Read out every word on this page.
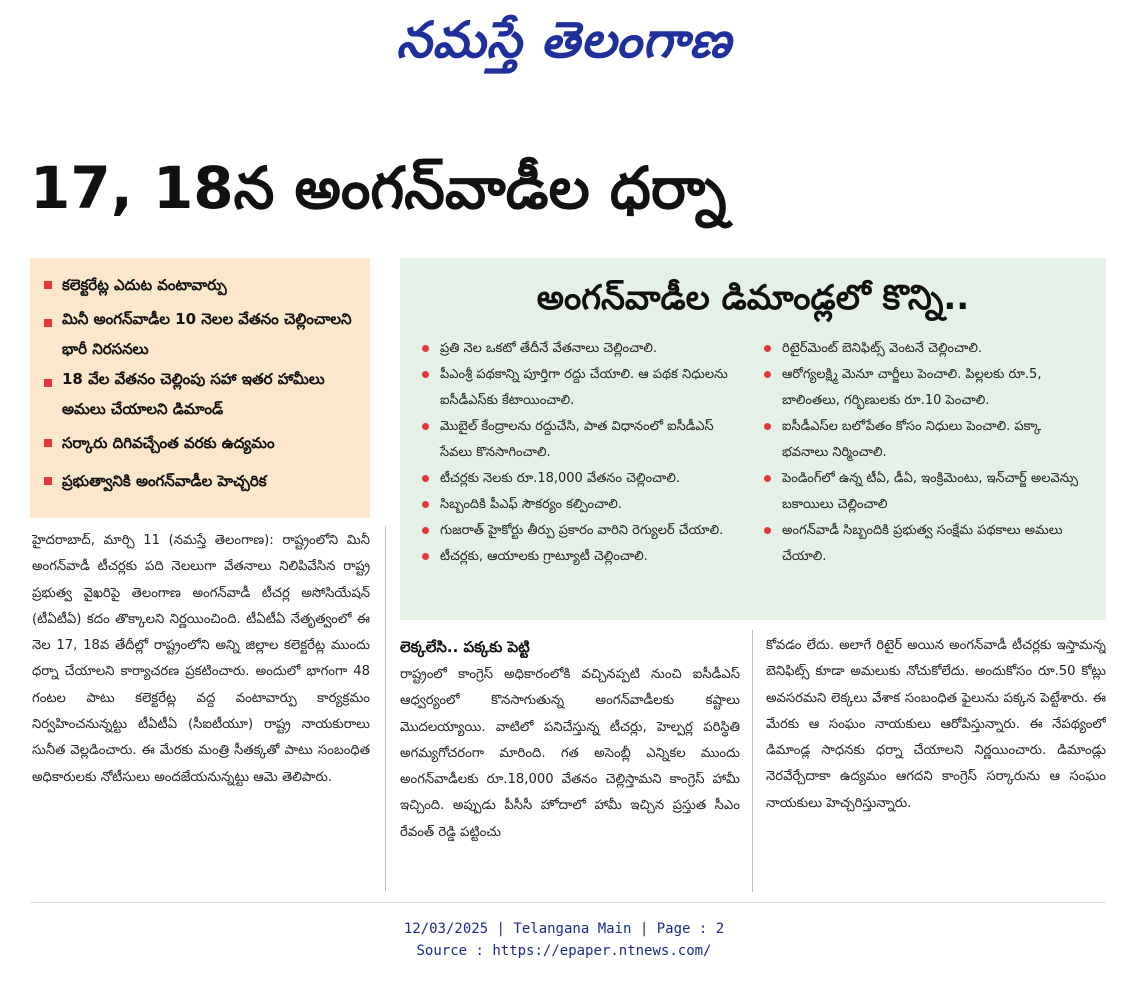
నమస్తే తెలంగాణ
17, 18న అంగన్‌వాడీల ధర్నా
కలెక్టరేట్ల ఎదుట వంటావార్పు
మినీ అంగన్‌వాడీల 10 నెలల వేతనం చెల్లించాలని భారీ నిరసనలు
18 వేల వేతనం చెల్లింపు సహా ఇతర హామీలు అమలు చేయాలని డిమాండ్
సర్కారు దిగివచ్చేంత వరకు ఉద్యమం
ప్రభుత్వానికి అంగన్‌వాడీల హెచ్చరిక
అంగన్‌వాడీల డిమాండ్లలో కొన్ని..
ప్రతి నెల ఒకటో తేదీనే వేతనాలు చెల్లించాలి.
పీఎంశ్రీ పథకాన్ని పూర్తిగా రద్దు చేయాలి. ఆ పథక నిధులను ఐసీడీఎస్‌కు కేటాయించాలి.
మొబైల్ కేంద్రాలను రద్దుచేసి, పాత విధానంలో ఐసీడీఎస్ సేవలు కొనసాగించాలి.
టీచర్లకు నెలకు రూ.18,000 వేతనం చెల్లించాలి.
సిబ్బందికి పీఎఫ్ సౌకర్యం కల్పించాలి.
గుజరాత్ హైకోర్టు తీర్పు ప్రకారం వారిని రెగ్యులర్ చేయాలి.
టీచర్లకు, ఆయాలకు గ్రాట్యూటీ చెల్లించాలి.
రిటైర్‌మెంట్ బెనిఫిట్స్ వెంటనే చెల్లించాలి.
ఆరోగ్యలక్ష్మి మెనూ చార్జీలు పెంచాలి. పిల్లలకు రూ.5, బాలింతలు, గర్భిణులకు రూ.10 పెంచాలి.
ఐసీడీఎస్‌ల బలోపేతం కోసం నిధులు పెంచాలి. పక్కా భవనాలు నిర్మించాలి.
పెండింగ్‌లో ఉన్న టీఏ, డీఏ, ఇంక్రిమెంటు, ఇన్‌చార్జ్ అలవెన్సు బకాయిలు చెల్లించాలి
అంగన్‌వాడీ సిబ్బందికి ప్రభుత్వ సంక్షేమ పథకాలు అమలు చేయాలి.
హైదరాబాద్, మార్చి 11 (నమస్తే తెలంగాణ): రాష్ట్రంలోని మినీ అంగన్‌వాడీ టీచర్లకు పది నెలలుగా వేతనాలు నిలిపివేసిన రాష్ట్ర ప్రభుత్వ వైఖరిపై తెలంగాణ అంగన్‌వాడీ టీచర్ల అసోసియేషన్ (టీఏటీఏ) కదం తొక్కాలని నిర్ణయించింది. టీఏటీఏ నేతృత్వంలో ఈ నెల 17, 18వ తేదీల్లో రాష్ట్రంలోని అన్ని జిల్లాల కలెక్టరేట్ల ముందు ధర్నా చేయాలని కార్యాచరణ ప్రకటించారు. అందులో భాగంగా 48 గంటల పాటు కలెక్టరేట్ల వద్ద వంటావార్పు కార్యక్రమం నిర్వహించనున్నట్టు టీఏటీఏ (సీఐటీయూ) రాష్ట్ర నాయకురాలు సునీత వెల్లడించారు. ఈ మేరకు మంత్రి సీతక్కతో పాటు సంబంధిత అధికారులకు నోటీసులు అందజేయనున్నట్టు ఆమె తెలిపారు.
లెక్కలేసి.. పక్కకు పెట్టి
రాష్ట్రంలో కాంగ్రెస్ అధికారంలోకి వచ్చినప్పటి నుంచి ఐసీడీఎస్ ఆధ్వర్యంలో కొనసాగుతున్న అంగన్‌వాడీలకు కష్టాలు మొదలయ్యాయి. వాటిలో పనిచేస్తున్న టీచర్లు, హెల్పర్ల పరిస్థితి అగమ్యగోచరంగా మారింది. గత అసెంబ్లీ ఎన్నికల ముందు అంగన్‌వాడీలకు రూ.18,000 వేతనం చెల్లిస్తామని కాంగ్రెస్ హామీ ఇచ్చింది. అప్పుడు పీసీసీ హోదాలో హామీ ఇచ్చిన ప్రస్తుత సీఎం రేవంత్ రెడ్డి పట్టించు
కోవడం లేదు. అలాగే రిటైర్ అయిన అంగన్‌వాడీ టీచర్లకు ఇస్తామన్న బెనిఫిట్స్ కూడా అమలుకు నోచుకోలేదు. అందుకోసం రూ.50 కోట్లు అవసరమని లెక్కలు వేశాక సంబంధిత ఫైలును పక్కన పెట్టేశారు. ఈ మేరకు ఆ సంఘం నాయకులు ఆరోపిస్తున్నారు. ఈ నేపథ్యంలో డిమాండ్ల సాధనకు ధర్నా చేయాలని నిర్ణయించారు. డిమాండ్లు నెరవేర్చేదాకా ఉద్యమం ఆగదని కాంగ్రెస్ సర్కారును ఆ సంఘం నాయకులు హెచ్చరిస్తున్నారు.
12/03/2025 | Telangana Main | Page : 2
Source : https://epaper.ntnews.com/
